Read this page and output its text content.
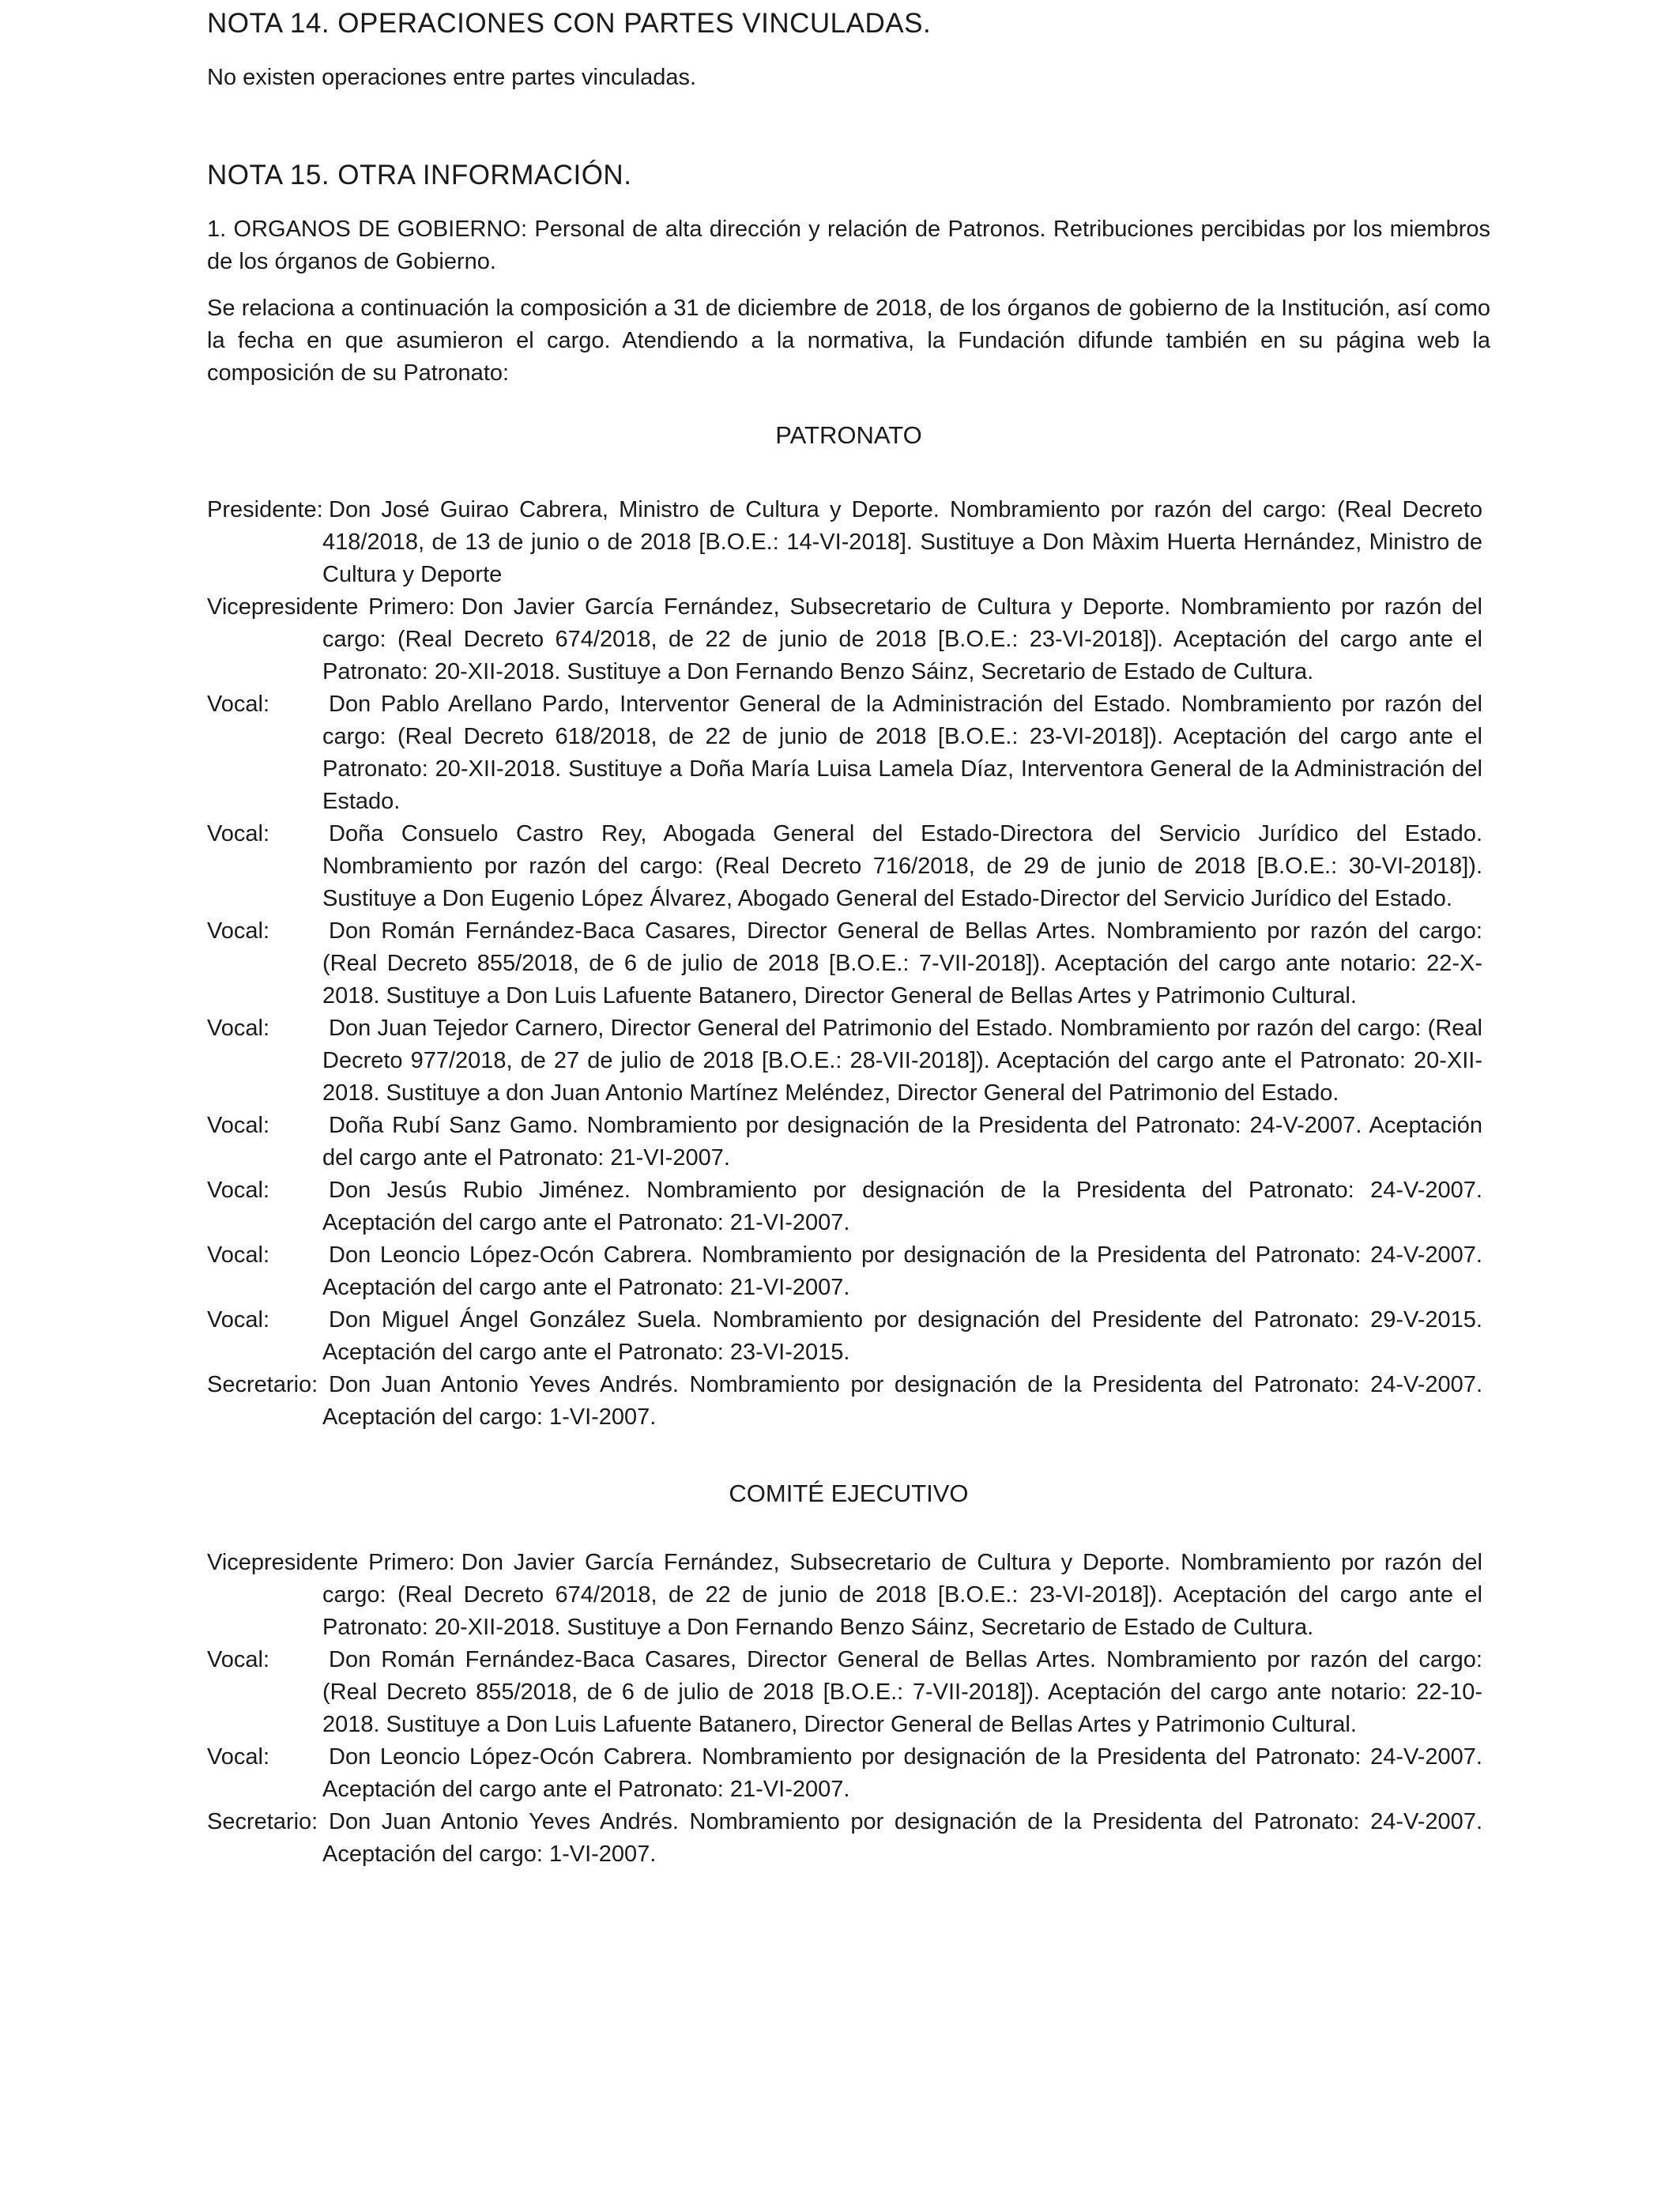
NOTA 14. OPERACIONES CON PARTES VINCULADAS.

No existen operaciones entre partes vinculadas.

NOTA 15. OTRA INFORMACIÓN.

1. ORGANOS DE GOBIERNO: Personal de alta dirección y relación de Patronos. Retribuciones percibidas por los miembros de los órganos de Gobierno.

Se relaciona a continuación la composición a 31 de diciembre de 2018, de los órganos de gobierno de la Institución, así como la fecha en que asumieron el cargo. Atendiendo a la normativa, la Fundación difunde también en su página web la composición de su Patronato:

PATRONATO
Presidente: Don José Guirao Cabrera, Ministro de Cultura y Deporte. Nombramiento por razón del cargo: (Real Decreto 418/2018, de 13 de junio o de 2018 [B.O.E.: 14-VI-2018]. Sustituye a Don Màxim Huerta Hernández, Ministro de Cultura y Deporte
Vicepresidente Primero: Don Javier García Fernández, Subsecretario de Cultura y Deporte. Nombramiento por razón del cargo: (Real Decreto 674/2018, de 22 de junio de 2018 [B.O.E.: 23-VI-2018]). Aceptación del cargo ante el Patronato: 20-XII-2018. Sustituye a Don Fernando Benzo Sáinz, Secretario de Estado de Cultura.
Vocal:	Don Pablo Arellano Pardo, Interventor General de la Administración del Estado. Nombramiento por razón del cargo: (Real Decreto 618/2018, de 22 de junio de 2018 [B.O.E.: 23-VI-2018]). Aceptación del cargo ante el Patronato: 20-XII-2018. Sustituye a Doña María Luisa Lamela Díaz, Interventora General de la Administración del Estado.
Vocal:	Doña Consuelo Castro Rey, Abogada General del Estado-Directora del Servicio Jurídico del Estado. Nombramiento por razón del cargo: (Real Decreto 716/2018, de 29 de junio de 2018 [B.O.E.: 30-VI-2018]). Sustituye a Don Eugenio López Álvarez, Abogado General del Estado-Director del Servicio Jurídico del Estado.
Vocal:	Don Román Fernández-Baca Casares, Director General de Bellas Artes. Nombramiento por razón del cargo: (Real Decreto 855/2018, de 6 de julio de 2018 [B.O.E.: 7-VII-2018]). Aceptación del cargo ante notario: 22-X-2018. Sustituye a Don Luis Lafuente Batanero, Director General de Bellas Artes y Patrimonio Cultural.
Vocal:	Don Juan Tejedor Carnero, Director General del Patrimonio del Estado. Nombramiento por razón del cargo: (Real Decreto 977/2018, de 27 de julio de 2018 [B.O.E.: 28-VII-2018]). Aceptación del cargo ante el Patronato: 20-XII-2018. Sustituye a don Juan Antonio Martínez Meléndez, Director General del Patrimonio del Estado.
Vocal:	Doña Rubí Sanz Gamo. Nombramiento por designación de la Presidenta del Patronato: 24-V-2007. Aceptación del cargo ante el Patronato: 21-VI-2007.
Vocal:	Don Jesús Rubio Jiménez. Nombramiento por designación de la Presidenta del Patronato: 24-V-2007. Aceptación del cargo ante el Patronato: 21-VI-2007.
Vocal:	Don Leoncio López-Ocón Cabrera. Nombramiento por designación de la Presidenta del Patronato: 24-V-2007. Aceptación del cargo ante el Patronato: 21-VI-2007.
Vocal:	Don Miguel Ángel González Suela. Nombramiento por designación del Presidente del Patronato: 29-V-2015. Aceptación del cargo ante el Patronato: 23-VI-2015.
Secretario: Don Juan Antonio Yeves Andrés. Nombramiento por designación de la Presidenta del Patronato: 24-V-2007. Aceptación del cargo: 1-VI-2007.
COMITÉ EJECUTIVO
Vicepresidente Primero: Don Javier García Fernández, Subsecretario de Cultura y Deporte. Nombramiento por razón del cargo: (Real Decreto 674/2018, de 22 de junio de 2018 [B.O.E.: 23-VI-2018]). Aceptación del cargo ante el Patronato: 20-XII-2018. Sustituye a Don Fernando Benzo Sáinz, Secretario de Estado de Cultura.
Vocal:	Don Román Fernández-Baca Casares, Director General de Bellas Artes. Nombramiento por razón del cargo: (Real Decreto 855/2018, de 6 de julio de 2018 [B.O.E.: 7-VII-2018]). Aceptación del cargo ante notario: 22-10-2018. Sustituye a Don Luis Lafuente Batanero, Director General de Bellas Artes y Patrimonio Cultural.
Vocal:	Don Leoncio López-Ocón Cabrera. Nombramiento por designación de la Presidenta del Patronato: 24-V-2007. Aceptación del cargo ante el Patronato: 21-VI-2007.
Secretario: Don Juan Antonio Yeves Andrés. Nombramiento por designación de la Presidenta del Patronato: 24-V-2007. Aceptación del cargo: 1-VI-2007.
